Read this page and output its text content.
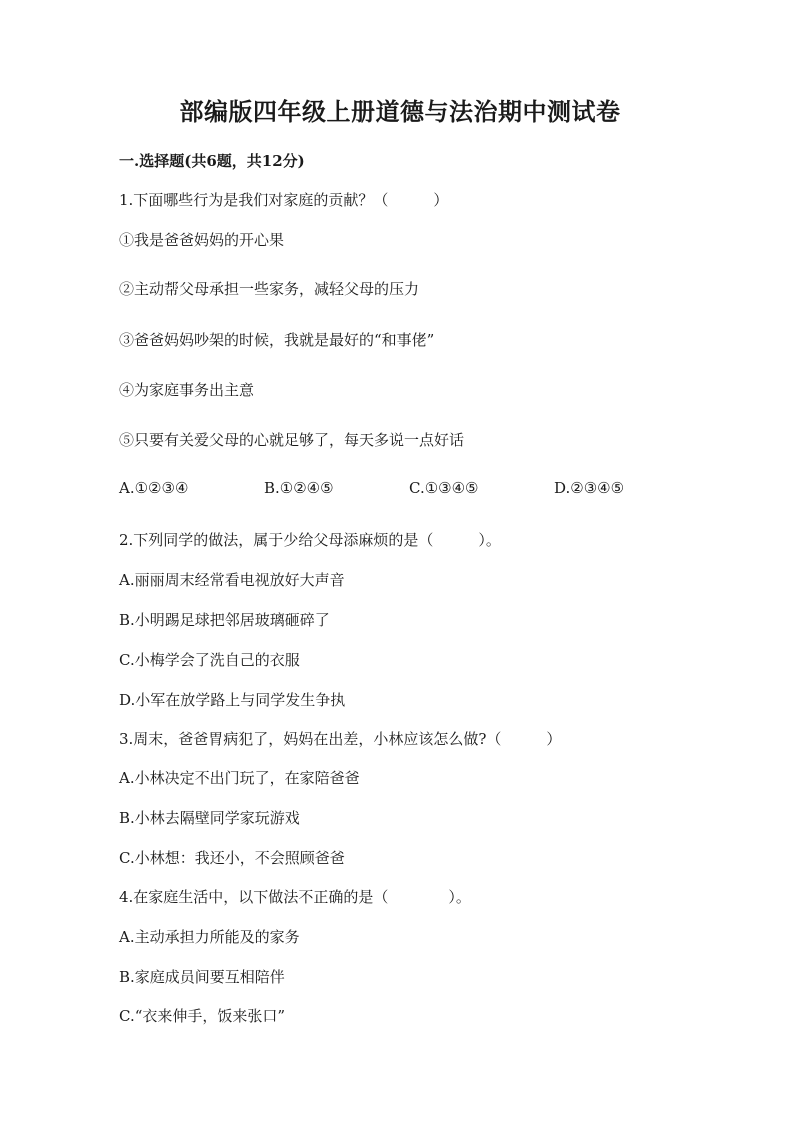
部编版四年级上册道德与法治期中测试卷
一.选择题(共6题，共12分)
1.下面哪些行为是我们对家庭的贡献？（　　　）
①我是爸爸妈妈的开心果
②主动帮父母承担一些家务，减轻父母的压力
③爸爸妈妈吵架的时候，我就是最好的“和事佬”
④为家庭事务出主意
⑤只要有关爱父母的心就足够了，每天多说一点好话
A.①②③④	B.①②④⑤	C.①③④⑤	D.②③④⑤
2.下列同学的做法，属于少给父母添麻烦的是（　　　）。
A.丽丽周末经常看电视放好大声音
B.小明踢足球把邻居玻璃砸碎了
C.小梅学会了洗自己的衣服
D.小军在放学路上与同学发生争执
3.周末，爸爸胃病犯了，妈妈在出差，小林应该怎么做?（　　　）
A.小林决定不出门玩了，在家陪爸爸
B.小林去隔壁同学家玩游戏
C.小林想：我还小，不会照顾爸爸
4.在家庭生活中，以下做法不正确的是（　　　　）。
A.主动承担力所能及的家务
B.家庭成员间要互相陪伴
C.“衣来伸手，饭来张口”
